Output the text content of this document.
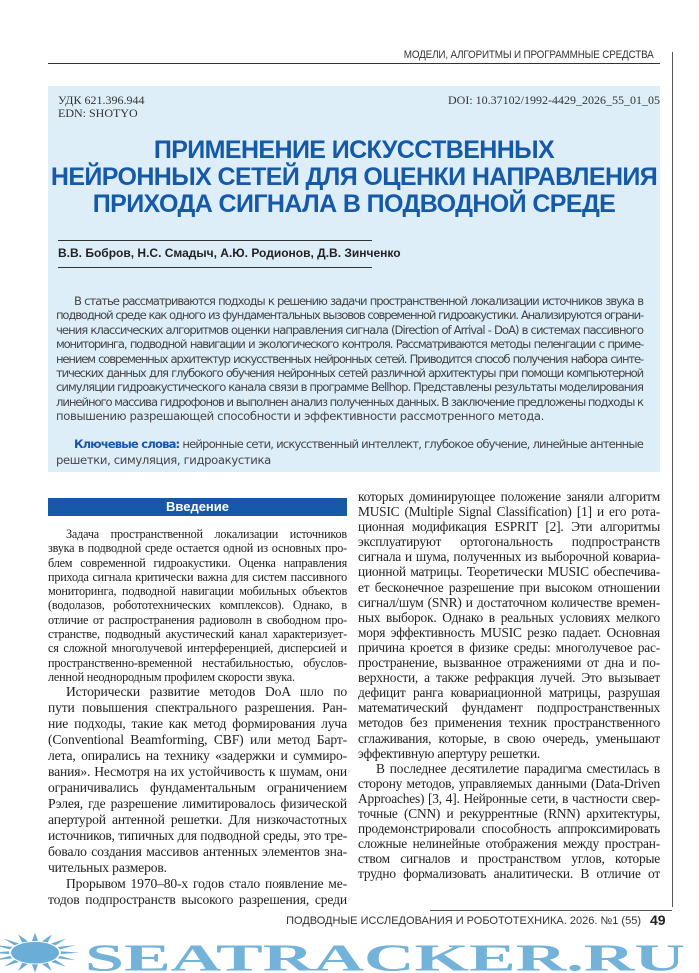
МОДЕЛИ, АЛГОРИТМЫ И ПРОГРАММНЫЕ СРЕДСТВА
УДК 621.396.944
EDN: SHOTYO
DOI: 10.37102/1992-4429_2026_55_01_05
ПРИМЕНЕНИЕ ИСКУССТВЕННЫХ
НЕЙРОННЫХ СЕТЕЙ ДЛЯ ОЦЕНКИ НАПРАВЛЕНИЯ
ПРИХОДА СИГНАЛА В ПОДВОДНОЙ СРЕДЕ
В.В. Бобров, Н.С. Смадыч, А.Ю. Родионов, Д.В. Зинченко
В статье рассматриваются подходы к решению задачи пространственной локализации источников звука в
подводной среде как одного из фундаментальных вызовов современной гидроакустики. Анализируются ограни-
чения классических алгоритмов оценки направления сигнала (Direction of Arrival - DoA) в системах пассивного
мониторинга, подводной навигации и экологического контроля. Рассматриваются методы пеленгации с приме-
нением современных архитектур искусственных нейронных сетей. Приводится способ получения набора синте-
тических данных для глубокого обучения нейронных сетей различной архитектуры при помощи компьютерной
симуляции гидроакустического канала связи в программе Bellhop. Представлены результаты моделирования
линейного массива гидрофонов и выполнен анализ полученных данных. В заключение предложены подходы к
повышению разрешающей способности и эффективности рассмотренного метода.
Ключевые слова: нейронные сети, искусственный интеллект, глубокое обучение, линейные антенные
решетки, симуляция, гидроакустика
Введение
Задача пространственной локализации источников
звука в подводной среде остается одной из основных про-
блем современной гидроакустики. Оценка направления
прихода сигнала критически важна для систем пассивного
мониторинга, подводной навигации мобильных объектов
(водолазов, робототехнических комплексов). Однако, в
отличие от распространения радиоволн в свободном про-
странстве, подводный акустический канал характеризует-
ся сложной многолучевой интерференцией, дисперсией и
пространственно-временной нестабильностью, обуслов-
ленной неоднородным профилем скорости звука.
Исторически развитие методов DoA шло по
пути повышения спектрального разрешения. Ран-
ние подходы, такие как метод формирования луча
(Conventional Beamforming, CBF) или метод Барт-
лета, опирались на технику «задержки и суммиро-
вания». Несмотря на их устойчивость к шумам, они
ограничивались фундаментальным ограничением
Рэлея, где разрешение лимитировалось физической
апертурой антенной решетки. Для низкочастотных
источников, типичных для подводной среды, это тре-
бовало создания массивов антенных элементов зна-
чительных размеров.
Прорывом 1970–80-х годов стало появление ме-
тодов подпространств высокого разрешения, среди
которых доминирующее положение заняли алгоритм
MUSIC (Multiple Signal Classification) [1] и его рота-
ционная модификация ESPRIT [2]. Эти алгоритмы
эксплуатируют ортогональность подпространств
сигнала и шума, полученных из выборочной ковариа-
ционной матрицы. Теоретически MUSIC обеспечива-
ет бесконечное разрешение при высоком отношении
сигнал/шум (SNR) и достаточном количестве времен-
ных выборок. Однако в реальных условиях мелкого
моря эффективность MUSIC резко падает. Основная
причина кроется в физике среды: многолучевое рас-
пространение, вызванное отражениями от дна и по-
верхности, а также рефракция лучей. Это вызывает
дефицит ранга ковариационной матрицы, разрушая
математический фундамент подпространственных
методов без применения техник пространственного
сглаживания, которые, в свою очередь, уменьшают
эффективную апертуру решетки.
В последнее десятилетие парадигма сместилась в
сторону методов, управляемых данными (Data-Driven
Approaches) [3, 4]. Нейронные сети, в частности свер-
точные (CNN) и рекуррентные (RNN) архитектуры,
продемонстрировали способность аппроксимировать
сложные нелинейные отображения между простран-
ством сигналов и пространством углов, которые
трудно формализовать аналитически. В отличие от
SEATRACKER.RU
ПОДВОДНЫЕ ИССЛЕДОВАНИЯ И РОБОТОТЕХНИКА. 2026. №1 (55) 49
